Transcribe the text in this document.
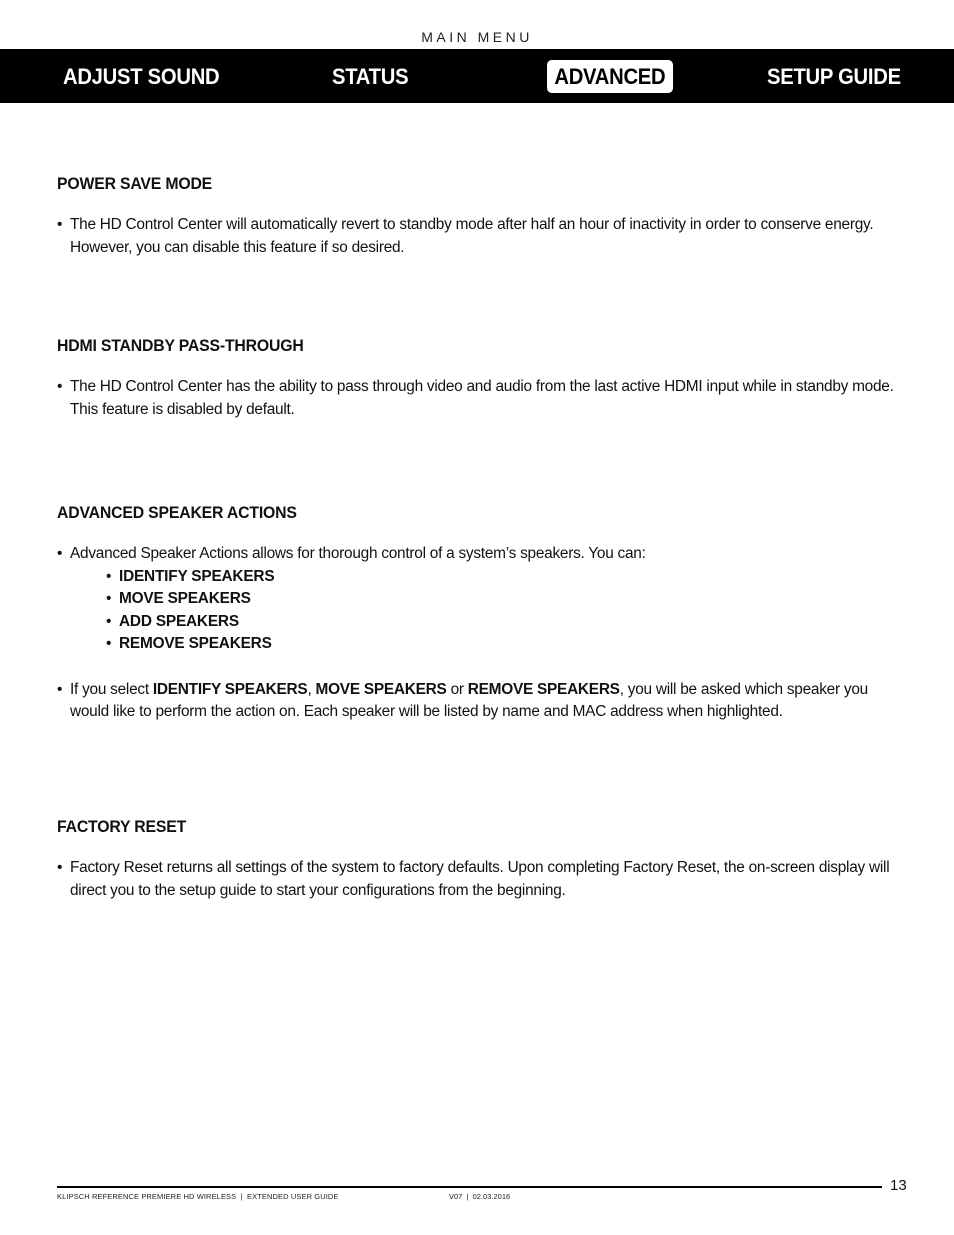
MAIN MENU
ADJUST SOUND	STATUS	ADVANCED	SETUP GUIDE
POWER SAVE MODE

• The HD Control Center will automatically revert to standby mode after half an hour of inactivity in order to conserve energy. However, you can disable this feature if so desired.

HDMI STANDBY PASS-THROUGH

• The HD Control Center has the ability to pass through video and audio from the last active HDMI input while in standby mode. This feature is disabled by default.

ADVANCED SPEAKER ACTIONS

• Advanced Speaker Actions allows for thorough control of a system’s speakers. You can:

• IDENTIFY SPEAKERS
• MOVE SPEAKERS
• ADD SPEAKERS
• REMOVE SPEAKERS

• If you select IDENTIFY SPEAKERS, MOVE SPEAKERS or REMOVE SPEAKERS, you will be asked which speaker you would like to perform the action on. Each speaker will be listed by name and MAC address when highlighted.

FACTORY RESET

• Factory Reset returns all settings of the system to factory defaults. Upon completing Factory Reset, the on-screen display will direct you to the setup guide to start your configurations from the beginning.

13
KLIPSCH REFERENCE PREMIERE HD WIRELESS  |  EXTENDED USER GUIDE	V07  |  02.03.2016
